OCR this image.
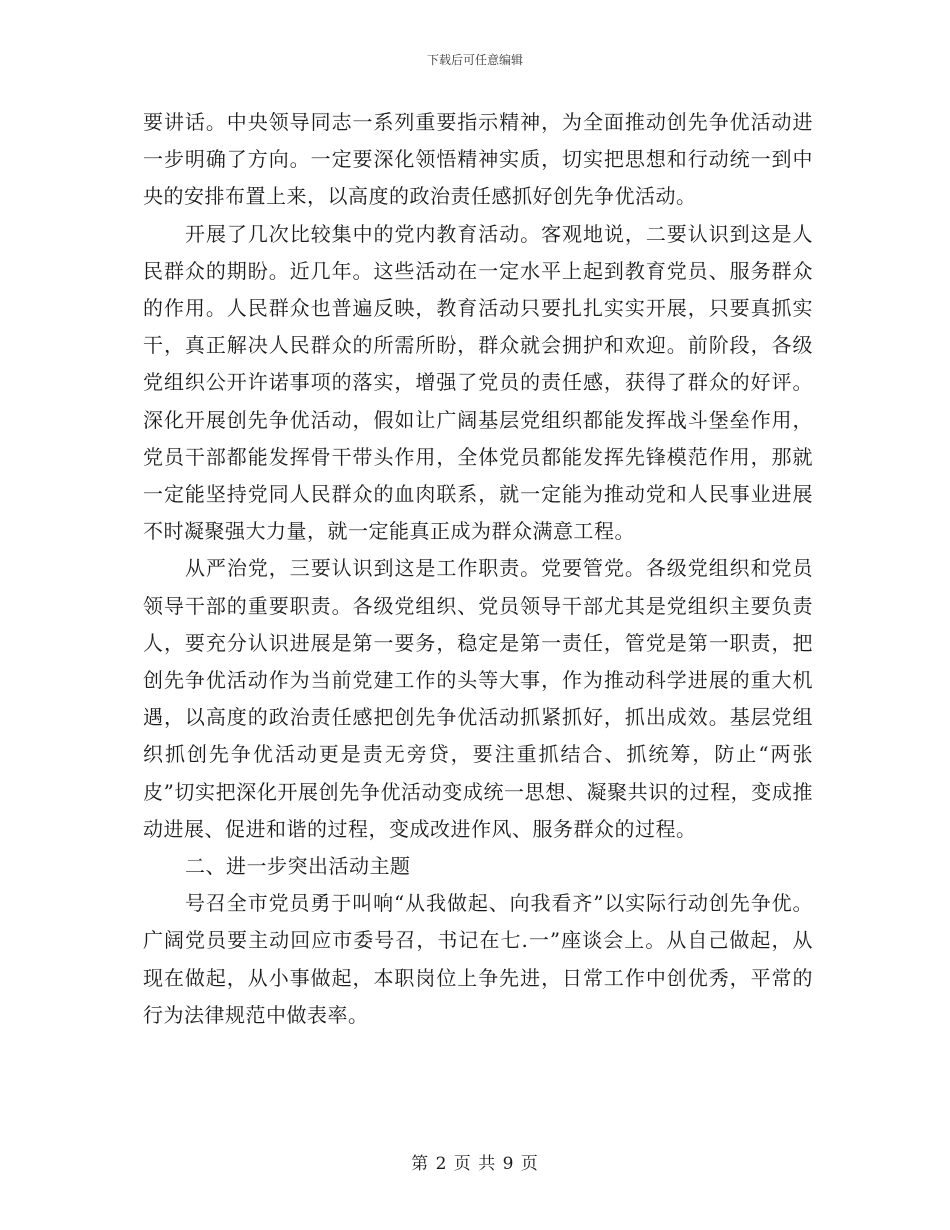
下载后可任意编辑

要讲话。中央领导同志一系列重要指示精神，为全面推动创先争优活动进一步明确了方向。一定要深化领悟精神实质，切实把思想和行动统一到中央的安排布置上来，以高度的政治责任感抓好创先争优活动。

开展了几次比较集中的党内教育活动。客观地说，二要认识到这是人民群众的期盼。近几年。这些活动在一定水平上起到教育党员、服务群众的作用。人民群众也普遍反映，教育活动只要扎扎实实开展，只要真抓实干，真正解决人民群众的所需所盼，群众就会拥护和欢迎。前阶段，各级党组织公开许诺事项的落实，增强了党员的责任感，获得了群众的好评。深化开展创先争优活动，假如让广阔基层党组织都能发挥战斗堡垒作用，党员干部都能发挥骨干带头作用，全体党员都能发挥先锋模范作用，那就一定能坚持党同人民群众的血肉联系，就一定能为推动党和人民事业进展不时凝聚强大力量，就一定能真正成为群众满意工程。

从严治党，三要认识到这是工作职责。党要管党。各级党组织和党员领导干部的重要职责。各级党组织、党员领导干部尤其是党组织主要负责人，要充分认识进展是第一要务，稳定是第一责任，管党是第一职责，把创先争优活动作为当前党建工作的头等大事，作为推动科学进展的重大机遇，以高度的政治责任感把创先争优活动抓紧抓好，抓出成效。基层党组织抓创先争优活动更是责无旁贷，要注重抓结合、抓统筹，防止“两张皮”切实把深化开展创先争优活动变成统一思想、凝聚共识的过程，变成推动进展、促进和谐的过程，变成改进作风、服务群众的过程。

二、进一步突出活动主题

号召全市党员勇于叫响“从我做起、向我看齐”以实际行动创先争优。广阔党员要主动回应市委号召，书记在七.一”座谈会上。从自己做起，从现在做起，从小事做起，本职岗位上争先进，日常工作中创优秀，平常的行为法律规范中做表率。

第 2 页 共 9 页
